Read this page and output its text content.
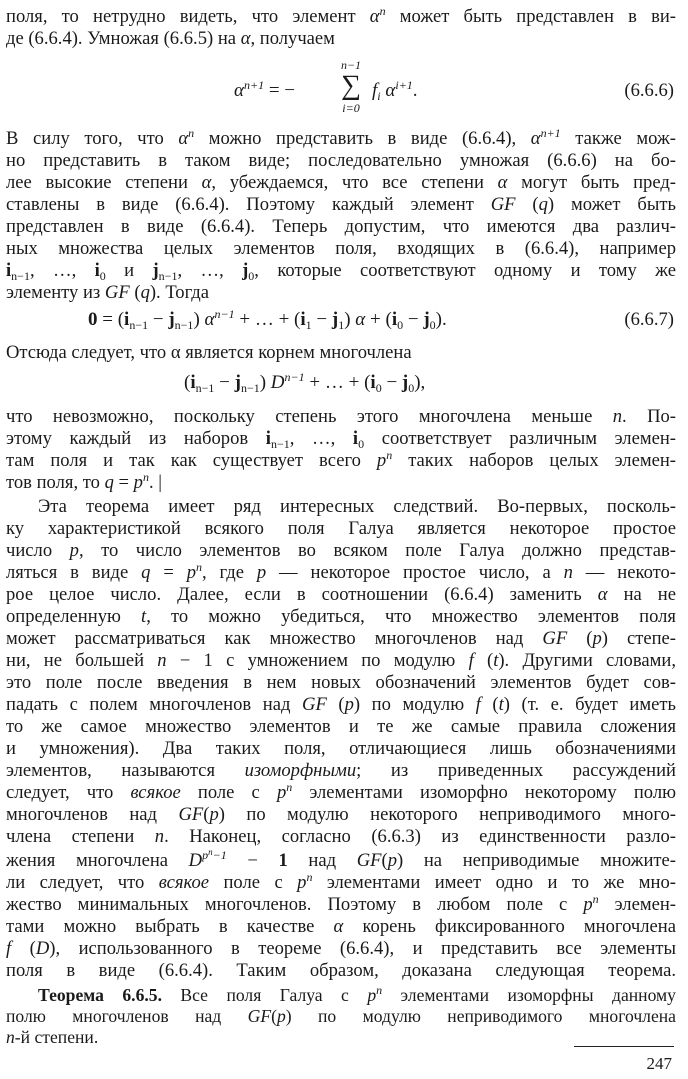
поля, то нетрудно видеть, что элемент $\alpha^n$ может быть представлен в ви-
де (6.6.4). Умножая (6.6.5) на α, получаем
$\alpha^{n+1}$ = −
n−1
∑
i=0
$f_i$ $\alpha^{i+1}$.	(6.6.6)
В силу того, что $\alpha^n$ можно представить в виде (6.6.4), $\alpha^{n+1}$ также мож-
но представить в таком виде; последовательно умножая (6.6.6) на бо-
лее высокие степени α, убеждаемся, что все степени α могут быть пред-
ставлены в виде (6.6.4). Поэтому каждый элемент GF (q) может быть
представлен в виде (6.6.4). Теперь допустим, что имеются два различ-
ных множества целых элементов поля, входящих в (6.6.4), например
$i_{n-1}$, …, $i_0$ и $j_{n-1}$, …, $j_0$, которые соответствуют одному и тому же
элементу из GF (q). Тогда
$0 = (i_{n-1} - j_{n-1}) \alpha^{n-1}$ + … + $(i_1 - j_1) \alpha + (i_0 - j_0)$.	(6.6.7)
Отсюда следует, что α является корнем многочлена
$(i_{n-1} - j_{n-1}) D^{n-1}$ + … + $(i_0 - j_0)$,
что невозможно, поскольку степень этого многочлена меньше n. По-
этому каждый из наборов $i_{n-1}$, …, $i_0$ соответствует различным элемен-
там поля и так как существует всего $p^n$ таких наборов целых элемен-
тов поля, то $q = p^n$. |
Эта теорема имеет ряд интересных следствий. Во-первых, посколь-
ку характеристикой всякого поля Галуа является некоторое простое
число p, то число элементов во всяком поле Галуа должно представ-
ляться в виде $q = p^n$, где p — некоторое простое число, а n — некото-
рое целое число. Далее, если в соотношении (6.6.4) заменить α на не
определенную t, то можно убедиться, что множество элементов поля
может рассматриваться как множество многочленов над GF (p) степе-
ни, не большей n − 1 с умножением по модулю f (t). Другими словами,
это поле после введения в нем новых обозначений элементов будет сов-
падать с полем многочленов над GF (p) по модулю f (t) (т. е. будет иметь
то же самое множество элементов и те же самые правила сложения
и умножения). Два таких поля, отличающиеся лишь обозначениями
элементов, называются изоморфными; из приведенных рассуждений
следует, что всякое поле с $p^n$ элементами изоморфно некоторому полю
многочленов над GF(p) по модулю некоторого неприводимого много-
члена степени n. Наконец, согласно (6.6.3) из единственности разло-
жения многочлена $D^{p^n-1} - 1$ над GF(p) на неприводимые множите-
ли следует, что всякое поле с $p^n$ элементами имеет одно и то же мно-
жество минимальных многочленов. Поэтому в любом поле с $p^n$ элемен-
тами можно выбрать в качестве α корень фиксированного многочлена
f (D), использованного в теореме (6.6.4), и представить все элементы
поля в виде (6.6.4). Таким образом, доказана следующая теорема.
Теорема 6.6.5. Все поля Галуа с $p^n$ элементами изоморфны данному
полю многочленов над GF(p) по модулю неприводимого многочлена
n-й степени.
247
